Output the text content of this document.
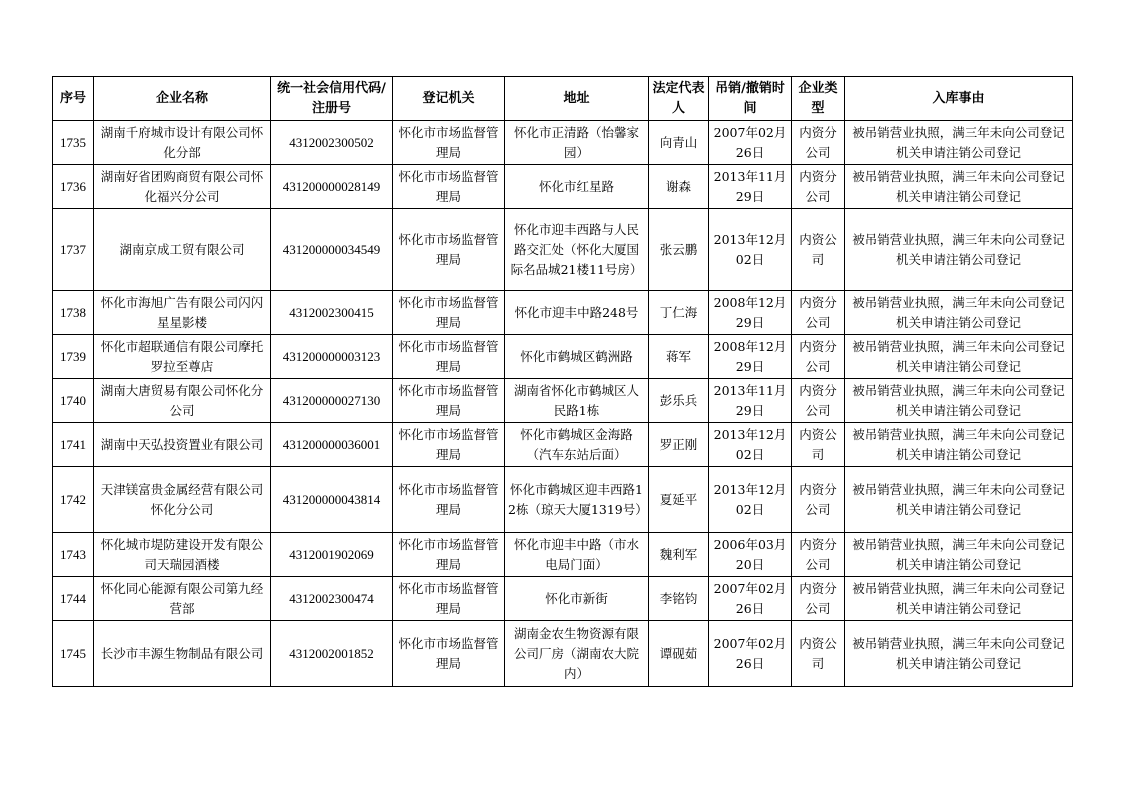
序号	企业名称	统一社会信用代码/注册号	登记机关	地址	法定代表人	吊销/撤销时间	企业类型	入库事由
1735	湖南千府城市设计有限公司怀化分部	4312002300502	怀化市市场监督管理局	怀化市正清路（怡馨家园）	向青山	2007年02月26日	内资分公司	被吊销营业执照，满三年未向公司登记机关申请注销公司登记
1736	湖南好省团购商贸有限公司怀化福兴分公司	431200000028149	怀化市市场监督管理局	怀化市红星路	谢森	2013年11月29日	内资分公司	被吊销营业执照，满三年未向公司登记机关申请注销公司登记
1737	湖南京成工贸有限公司	431200000034549	怀化市市场监督管理局	怀化市迎丰西路与人民路交汇处（怀化大厦国际名品城21楼11号房）	张云鹏	2013年12月02日	内资公司	被吊销营业执照，满三年未向公司登记机关申请注销公司登记
1738	怀化市海旭广告有限公司闪闪星星影楼	4312002300415	怀化市市场监督管理局	怀化市迎丰中路248号	丁仁海	2008年12月29日	内资分公司	被吊销营业执照，满三年未向公司登记机关申请注销公司登记
1739	怀化市超联通信有限公司摩托罗拉至尊店	431200000003123	怀化市市场监督管理局	怀化市鹤城区鹤洲路	蒋军	2008年12月29日	内资分公司	被吊销营业执照，满三年未向公司登记机关申请注销公司登记
1740	湖南大唐贸易有限公司怀化分公司	431200000027130	怀化市市场监督管理局	湖南省怀化市鹤城区人民路1栋	彭乐兵	2013年11月29日	内资分公司	被吊销营业执照，满三年未向公司登记机关申请注销公司登记
1741	湖南中天弘投资置业有限公司	431200000036001	怀化市市场监督管理局	怀化市鹤城区金海路（汽车东站后面）	罗正刚	2013年12月02日	内资公司	被吊销营业执照，满三年未向公司登记机关申请注销公司登记
1742	天津镁富贵金属经营有限公司怀化分公司	431200000043814	怀化市市场监督管理局	怀化市鹤城区迎丰西路12栋（琼天大厦1319号）	夏延平	2013年12月02日	内资分公司	被吊销营业执照，满三年未向公司登记机关申请注销公司登记
1743	怀化城市堤防建设开发有限公司天瑞园酒楼	4312001902069	怀化市市场监督管理局	怀化市迎丰中路（市水电局门面）	魏利军	2006年03月20日	内资分公司	被吊销营业执照，满三年未向公司登记机关申请注销公司登记
1744	怀化同心能源有限公司第九经营部	4312002300474	怀化市市场监督管理局	怀化市新街	李铭钧	2007年02月26日	内资分公司	被吊销营业执照，满三年未向公司登记机关申请注销公司登记
1745	长沙市丰源生物制品有限公司	4312002001852	怀化市市场监督管理局	湖南金农生物资源有限公司厂房（湖南农大院内）	谭砚茹	2007年02月26日	内资公司	被吊销营业执照，满三年未向公司登记机关申请注销公司登记
